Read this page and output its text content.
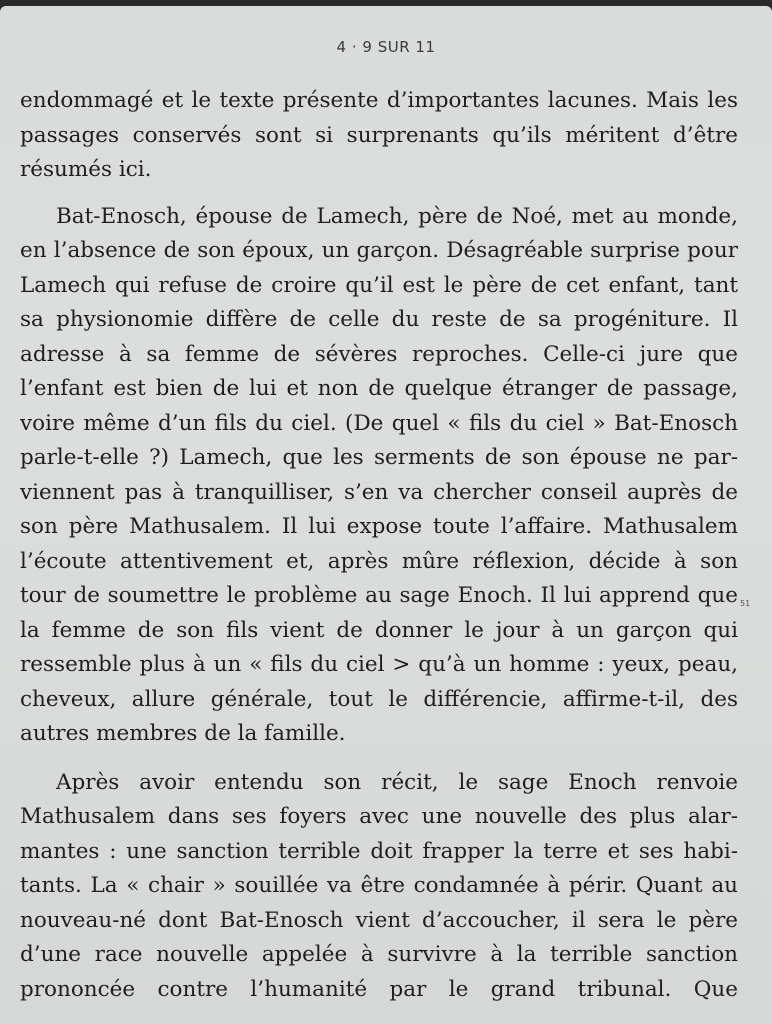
4 · 9 SUR 11
endommagé et le texte présente d’importantes lacunes. Mais les
passages conservés sont si surprenants qu’ils méritent d’être
résumés ici.
Bat-Enosch, épouse de Lamech, père de Noé, met au monde,
en l’absence de son époux, un garçon. Désagréable surprise pour
Lamech qui refuse de croire qu’il est le père de cet enfant, tant
sa physionomie diffère de celle du reste de sa progéniture. Il
adresse à sa femme de sévères reproches. Celle-ci jure que
l’enfant est bien de lui et non de quelque étranger de passage,
voire même d’un fils du ciel. (De quel « fils du ciel » Bat-Enosch
parle-t-elle ?) Lamech, que les serments de son épouse ne par-
viennent pas à tranquilliser, s’en va chercher conseil auprès de
son père Mathusalem. Il lui expose toute l’affaire. Mathusalem
l’écoute attentivement et, après mûre réflexion, décide à son
tour de soumettre le problème au sage Enoch. Il lui apprend que
la femme de son fils vient de donner le jour à un garçon qui
ressemble plus à un « fils du ciel > qu’à un homme : yeux, peau,
cheveux, allure générale, tout le différencie, affirme-t-il, des
autres membres de la famille.
Après avoir entendu son récit, le sage Enoch renvoie
Mathusalem dans ses foyers avec une nouvelle des plus alar-
mantes : une sanction terrible doit frapper la terre et ses habi-
tants. La « chair » souillée va être condamnée à périr. Quant au
nouveau-né dont Bat-Enosch vient d’accoucher, il sera le père
d’une race nouvelle appelée à survivre à la terrible sanction
prononcée contre l’humanité par le grand tribunal. Que
51
